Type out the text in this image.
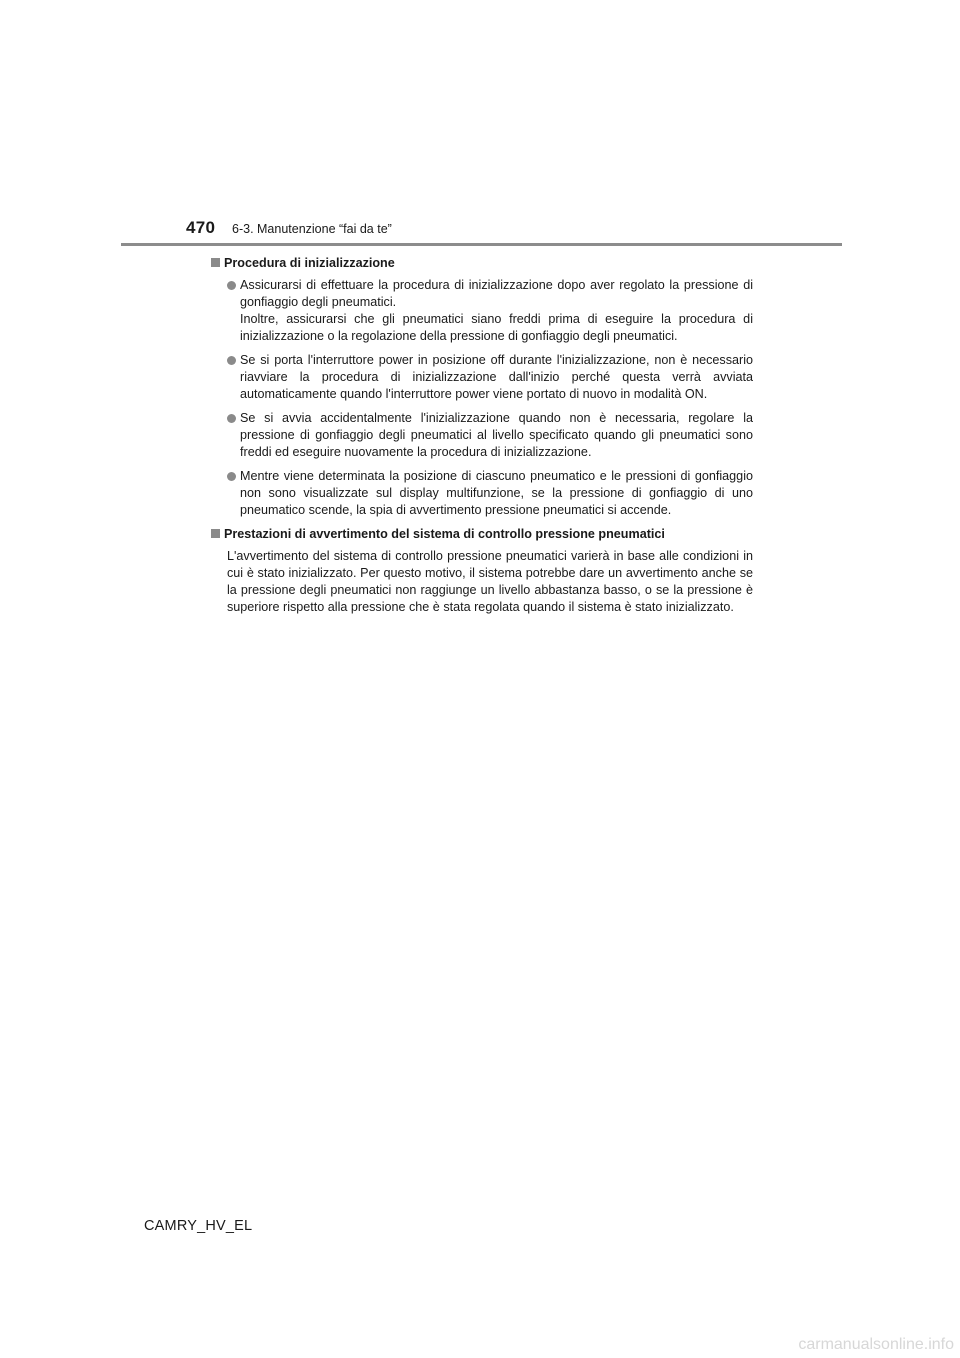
470 6-3. Manutenzione “fai da te”
Procedura di inizializzazione

Assicurarsi di effettuare la procedura di inizializzazione dopo aver regolato la pressione di gonfiaggio degli pneumatici.

Inoltre, assicurarsi che gli pneumatici siano freddi prima di eseguire la procedura di inizializzazione o la regolazione della pressione di gonfiaggio degli pneumatici.

Se si porta l'interruttore power in posizione off durante l'inizializzazione, non è necessario riavviare la procedura di inizializzazione dall'inizio perché questa verrà avviata automaticamente quando l'interruttore power viene portato di nuovo in modalità ON.

Se si avvia accidentalmente l'inizializzazione quando non è necessaria, regolare la pressione di gonfiaggio degli pneumatici al livello specificato quando gli pneumatici sono freddi ed eseguire nuovamente la procedura di inizializzazione.

Mentre viene determinata la posizione di ciascuno pneumatico e le pressioni di gonfiaggio non sono visualizzate sul display multifunzione, se la pressione di gonfiaggio di uno pneumatico scende, la spia di avvertimento pressione pneumatici si accende.

Prestazioni di avvertimento del sistema di controllo pressione pneumatici

L'avvertimento del sistema di controllo pressione pneumatici varierà in base alle condizioni in cui è stato inizializzato. Per questo motivo, il sistema potrebbe dare un avvertimento anche se la pressione degli pneumatici non raggiunge un livello abbastanza basso, o se la pressione è superiore rispetto alla pressione che è stata regolata quando il sistema è stato inizializzato.

CAMRY_HV_EL
carmanualsonline.info
